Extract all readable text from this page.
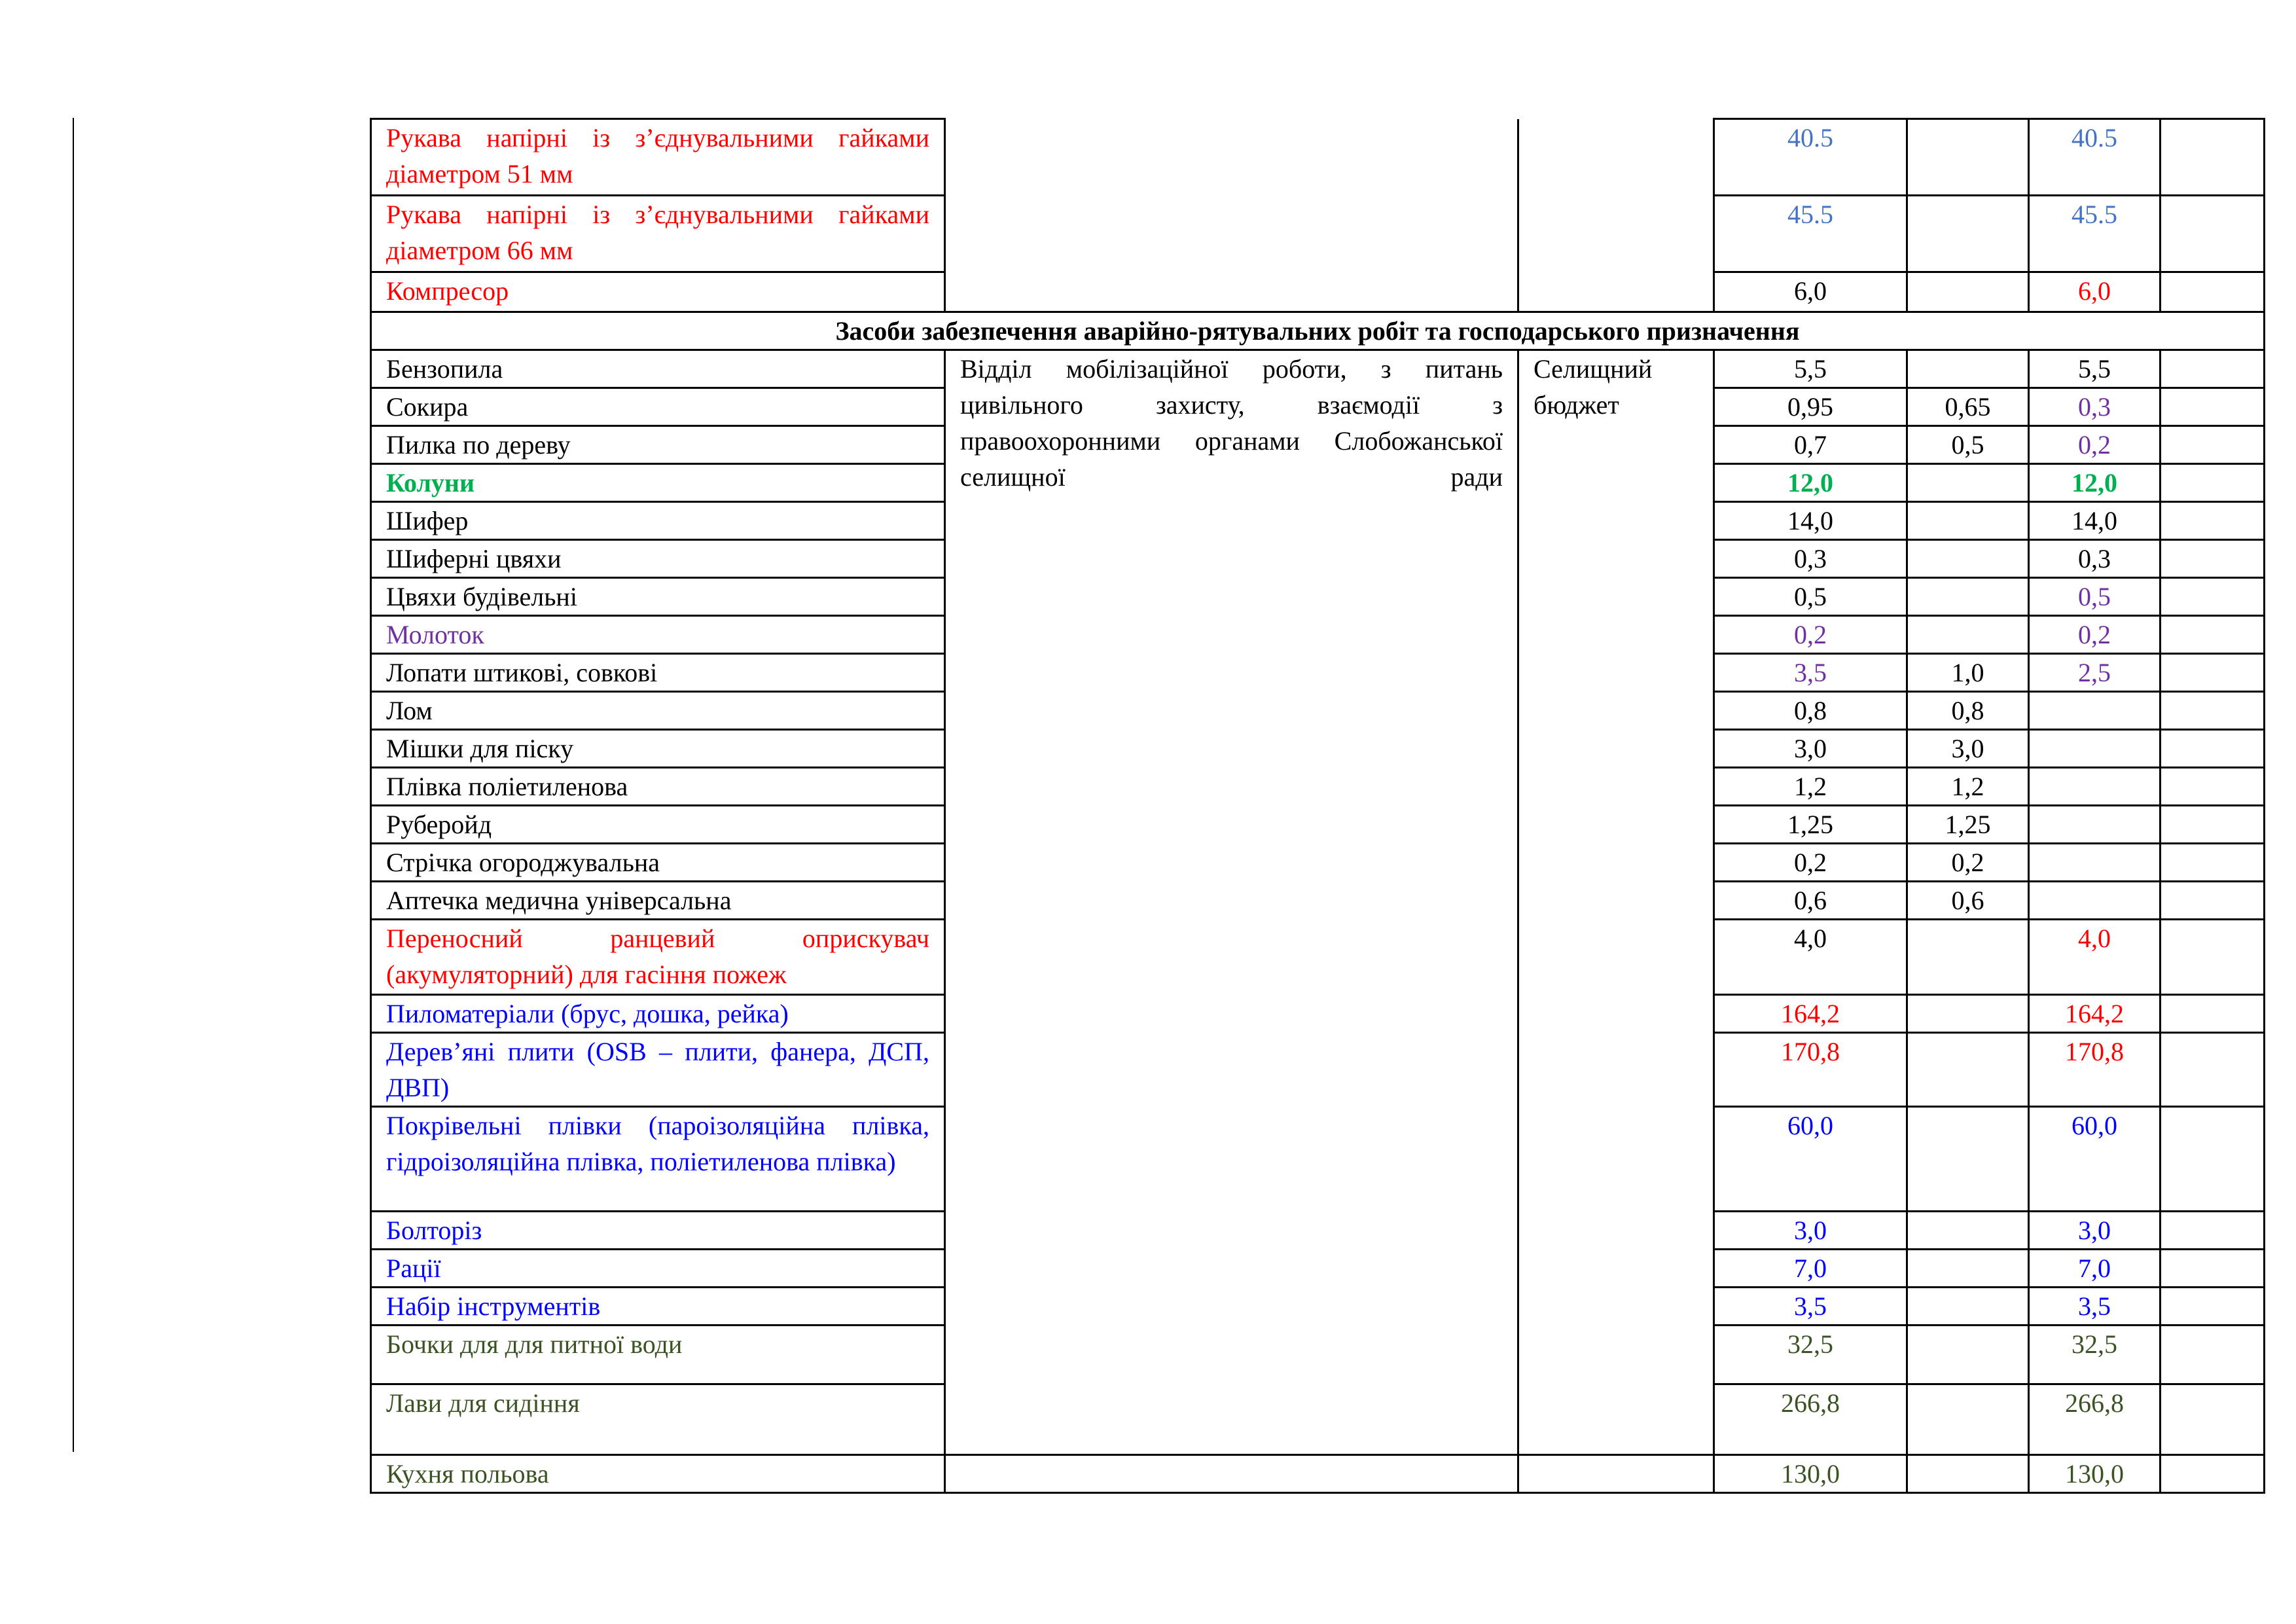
Рукава напірні із з’єднувальними гайками діаметром 51 мм			40.5		40.5	
Рукава напірні із з’єднувальними гайками діаметром 66 мм			45.5		45.5	
Компресор			6,0		6,0	
Засоби забезпечення аварійно-рятувальних робіт та господарського призначення						
Бензопила	Відділ мобілізаційної роботи, з питань цивільного захисту, взаємодії з правоохоронними органами Слобожанської селищної ради	Селищний бюджет	5,5		5,5	
Сокира			0,95	0,65	0,3	
Пилка по дереву			0,7	0,5	0,2	
Колуни			12,0		12,0	
Шифер			14,0		14,0	
Шиферні цвяхи			0,3		0,3	
Цвяхи будівельні			0,5		0,5	
Молоток			0,2		0,2	
Лопати штикові, совкові			3,5	1,0	2,5	
Лом			0,8	0,8		
Мішки для піску			3,0	3,0		
Плівка поліетиленова			1,2	1,2		
Руберойд			1,25	1,25		
Стрічка огороджувальна			0,2	0,2		
Аптечка медична універсальна			0,6	0,6		
Переносний ранцевий оприскувач (акумуляторний) для гасіння пожеж			4,0		4,0	
Пиломатеріали (брус, дошка, рейка)			164,2		164,2	
Дерев’яні плити (OSB – плити, фанера, ДСП, ДВП)			170,8		170,8	
Покрівельні плівки (пароізоляційна плівка, гідроізоляційна плівка, поліетиленова плівка)			60,0		60,0	
Болторіз			3,0		3,0	
Рації			7,0		7,0	
Набір інструментів			3,5		3,5	
Бочки для для питної води			32,5		32,5	
Лави для сидіння			266,8		266,8	
Кухня польова			130,0		130,0	
